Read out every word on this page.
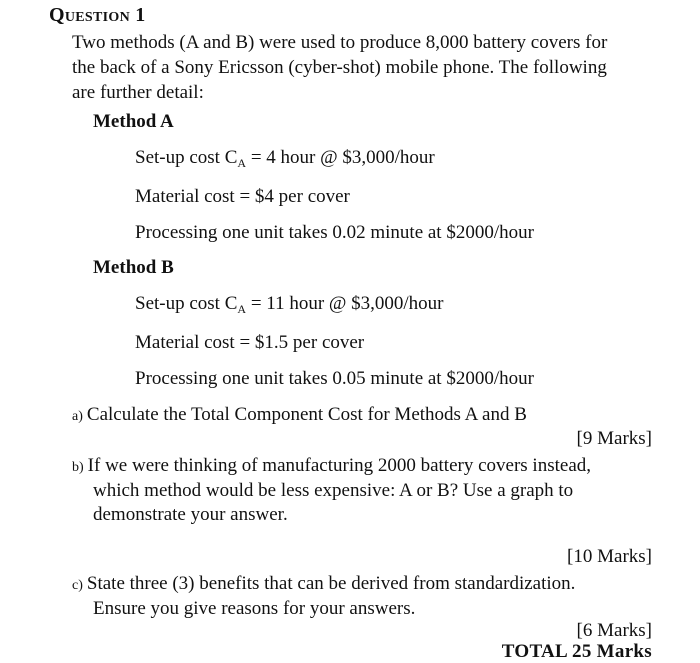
Question 1
Two methods (A and B) were used to produce 8,000 battery covers for
the back of a Sony Ericsson (cyber-shot) mobile phone. The following
are further detail:
Method A
Set-up cost $C_A = 4$ hour @ $3,000/hour
Material cost = $4 per cover
Processing one unit takes 0.02 minute at $2000/hour
Method B
Set-up cost $C_A = 11$ hour @ $3,000/hour
Material cost = $1.5 per cover
Processing one unit takes 0.05 minute at $2000/hour
a) Calculate the Total Component Cost for Methods A and B
[9 Marks]
b) If we were thinking of manufacturing 2000 battery covers instead,
which method would be less expensive: A or B? Use a graph to
demonstrate your answer.
[10 Marks]
c) State three (3) benefits that can be derived from standardization.
Ensure you give reasons for your answers.
[6 Marks]
TOTAL 25 Marks
